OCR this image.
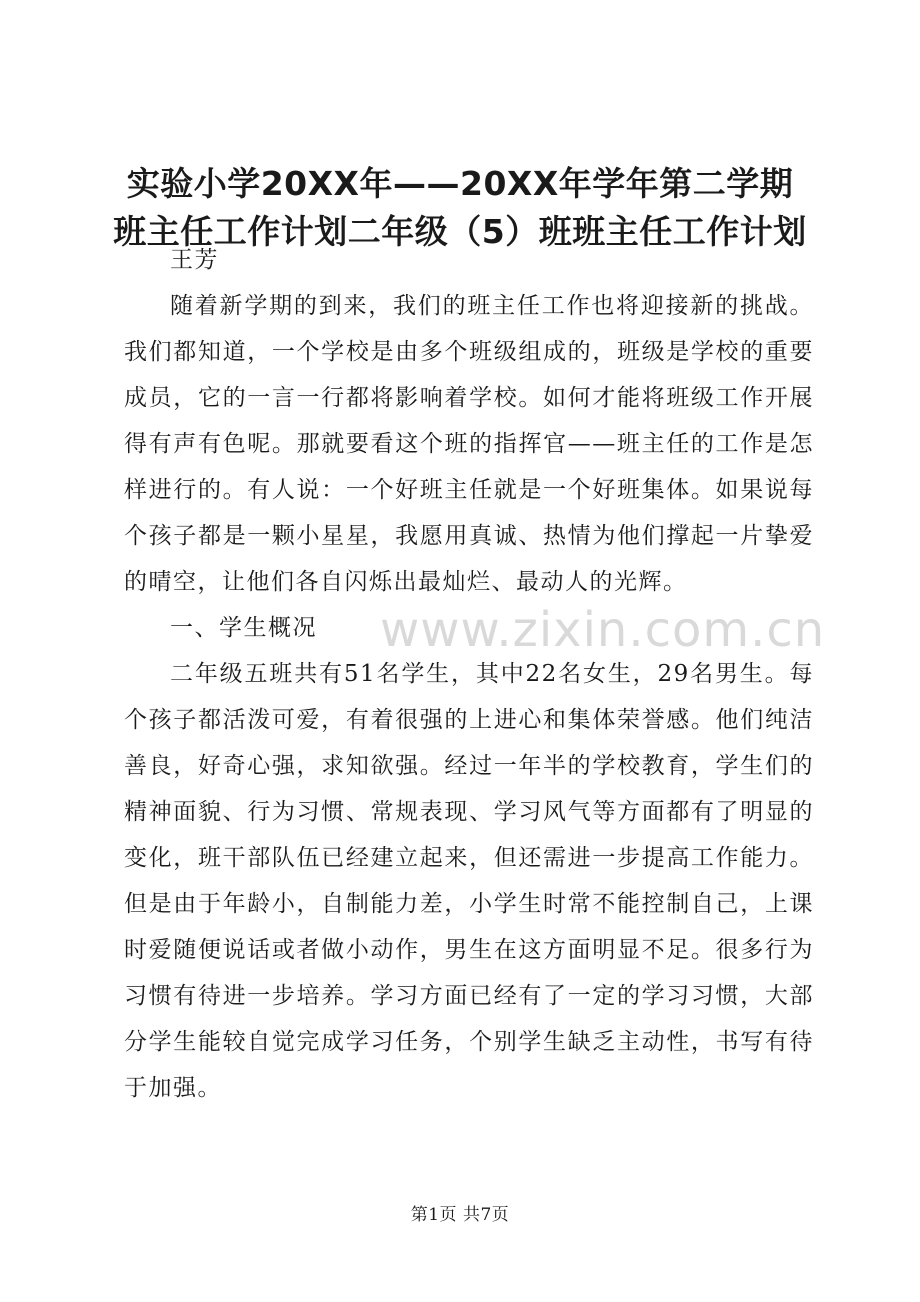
实验小学20XX年——20XX年学年第二学期班主任工作计划二年级（5）班班主任工作计划

王芳

随着新学期的到来，我们的班主任工作也将迎接新的挑战。我们都知道，一个学校是由多个班级组成的，班级是学校的重要成员，它的一言一行都将影响着学校。如何才能将班级工作开展得有声有色呢。那就要看这个班的指挥官——班主任的工作是怎样进行的。有人说：一个好班主任就是一个好班集体。如果说每个孩子都是一颗小星星，我愿用真诚、热情为他们撑起一片挚爱的晴空，让他们各自闪烁出最灿烂、最动人的光辉。

一、学生概况

二年级五班共有51名学生，其中22名女生，29名男生。每个孩子都活泼可爱，有着很强的上进心和集体荣誉感。他们纯洁善良，好奇心强，求知欲强。经过一年半的学校教育，学生们的精神面貌、行为习惯、常规表现、学习风气等方面都有了明显的变化，班干部队伍已经建立起来，但还需进一步提高工作能力。但是由于年龄小，自制能力差，小学生时常不能控制自己，上课时爱随便说话或者做小动作，男生在这方面明显不足。很多行为习惯有待进一步培养。学习方面已经有了一定的学习习惯，大部分学生能较自觉完成学习任务，个别学生缺乏主动性，书写有待于加强。

www.zixin.com.cn
第1页 共7页
